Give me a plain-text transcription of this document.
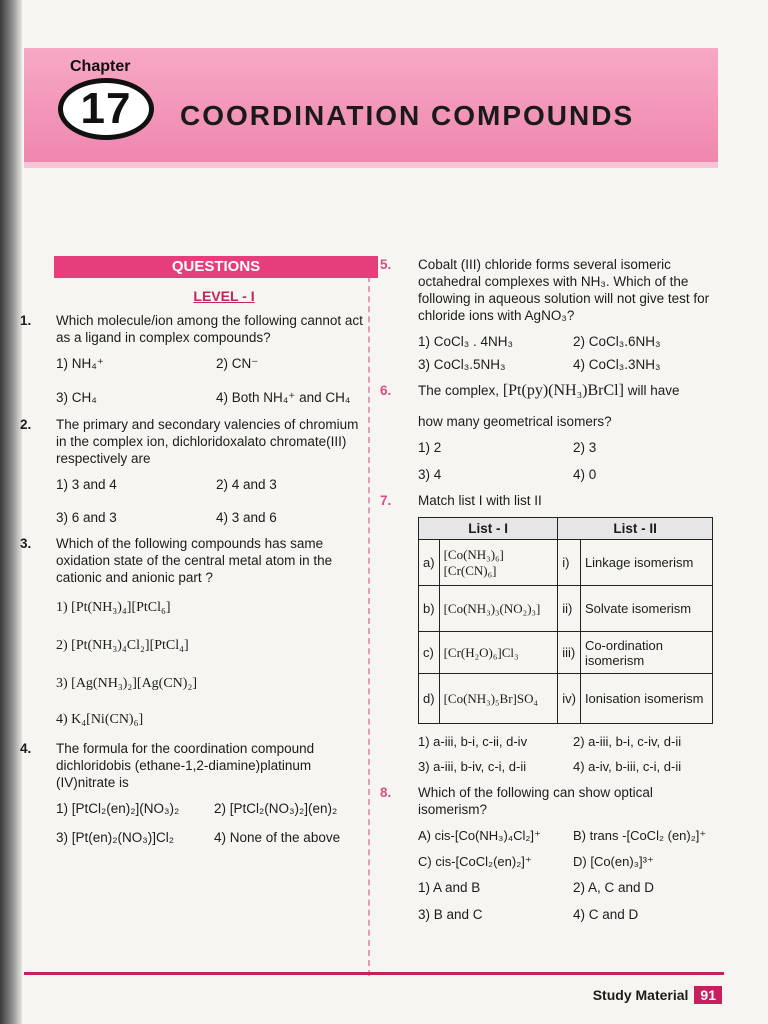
Chapter
17 COORDINATION COMPOUNDS
QUESTIONS
LEVEL - I
1. Which molecule/ion among the following cannot act as a ligand in complex compounds?
1) NH₄⁺	2) CN⁻
3) CH₄	4) Both NH₄⁺ and CH₄
2. The primary and secondary valencies of chromium in the complex ion, dichloridoxalato chromate(III) respectively are
1) 3 and 4	2) 4 and 3
3) 6 and 3	4) 3 and 6
3. Which of the following compounds has same oxidation state of the central metal atom in the cationic and anionic part ?
1) [Pt(NH₃)₄][PtCl₆]
2) [Pt(NH₃)₄Cl₂][PtCl₄]
3) [Ag(NH₃)₂][Ag(CN)₂]
4) K₄[Ni(CN)₆]
4. The formula for the coordination compound dichloridobis (ethane-1,2-diamine)platinum (IV)nitrate is
1) [PtCl₂(en)₂](NO₃)₂	2) [PtCl₂(NO₃)₂](en)₂
3) [Pt(en)₂(NO₃)]Cl₂	4) None of the above
5. Cobalt (III) chloride forms several isomeric octahedral complexes with NH₃. Which of the following in aqueous solution will not give test for chloride ions with AgNO₃?
1) CoCl₃ . 4NH₃	2) CoCl₃.6NH₃
3) CoCl₃.5NH₃	4) CoCl₃.3NH₃
6. The complex, [Pt(py)(NH₃)BrCl] will have
how many geometrical isomers?
1) 2	2) 3
3) 4	4) 0
7. Match list I with list II
List - I		List - II	
a)	[Co(NH₃)₆][Cr(CN)₆]	i)	Linkage isomerism
b)	[Co(NH₃)₃(NO₂)₃]	ii)	Solvate isomerism
c)	[Cr(H₂O)₆]Cl₃	iii)	Co-ordination isomerism
d)	[Co(NH₃)₅Br]SO₄	iv)	Ionisation isomerism
1) a-iii, b-i, c-ii, d-iv	2) a-iii, b-i, c-iv, d-ii
3) a-iii, b-iv, c-i, d-ii	4) a-iv, b-iii, c-i, d-ii
8. Which of the following can show optical isomerism?
A) cis-[Co(NH₃)₄Cl₂]⁺	B) trans -[CoCl₂ (en)₂]⁺
C) cis-[CoCl₂(en)₂]⁺	D) [Co(en)₃]³⁺
1) A and B	2) A, C and D
3) B and C	4) C and D
Study Material 91
